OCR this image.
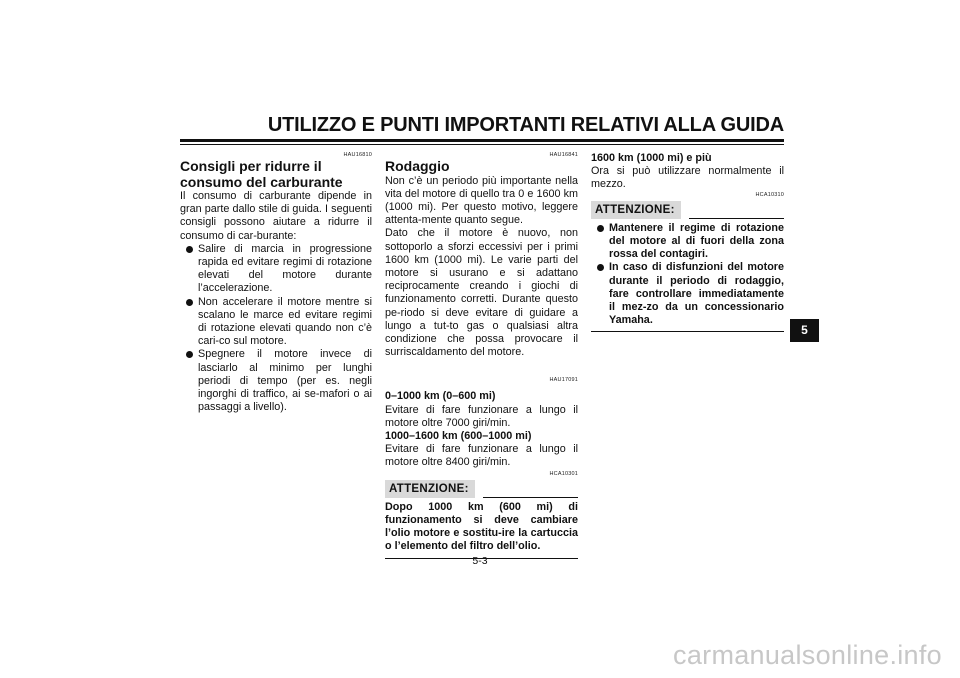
UTILIZZO E PUNTI IMPORTANTI RELATIVI ALLA GUIDA
HAU16810
Consigli per ridurre il consumo del carburante

Il consumo di carburante dipende in gran parte dallo stile di guida. I seguenti consigli possono aiutare a ridurre il consumo di car-burante:

Salire di marcia in progressione rapida ed evitare regimi di rotazione elevati del motore durante l’accelerazione.
Non accelerare il motore mentre si scalano le marce ed evitare regimi di rotazione elevati quando non c’è cari-co sul motore.
Spegnere il motore invece di lasciarlo al minimo per lunghi periodi di tempo (per es. negli ingorghi di traffico, ai se-mafori o ai passaggi a livello).
HAU16841
Rodaggio

Non c’è un periodo più importante nella vita del motore di quello tra 0 e 1600 km (1000 mi). Per questo motivo, leggere attenta-mente quanto segue.

Dato che il motore è nuovo, non sottoporlo a sforzi eccessivi per i primi 1600 km (1000 mi). Le varie parti del motore si usurano e si adattano reciprocamente creando i giochi di funzionamento corretti. Durante questo pe-riodo si deve evitare di guidare a lungo a tut-to gas o qualsiasi altra condizione che possa provocare il surriscaldamento del motore.

HAU17091

0–1000 km (0–600 mi)

Evitare di fare funzionare a lungo il motore oltre 7000 giri/min.

1000–1600 km (600–1000 mi)

Evitare di fare funzionare a lungo il motore oltre 8400 giri/min.

HCA10301
ATTENZIONE:
Dopo 1000 km (600 mi) di funzionamento si deve cambiare l’olio motore e sostitu-ire la cartuccia o l’elemento del filtro dell’olio.

1600 km (1000 mi) e più

Ora si può utilizzare normalmente il mezzo.

HCA10310
ATTENZIONE:
Mantenere il regime di rotazione del motore al di fuori della zona rossa del contagiri.
In caso di disfunzioni del motore durante il periodo di rodaggio, fare controllare immediatamente il mez-zo da un concessionario Yamaha.
5
5-3
carmanualsonline.info
